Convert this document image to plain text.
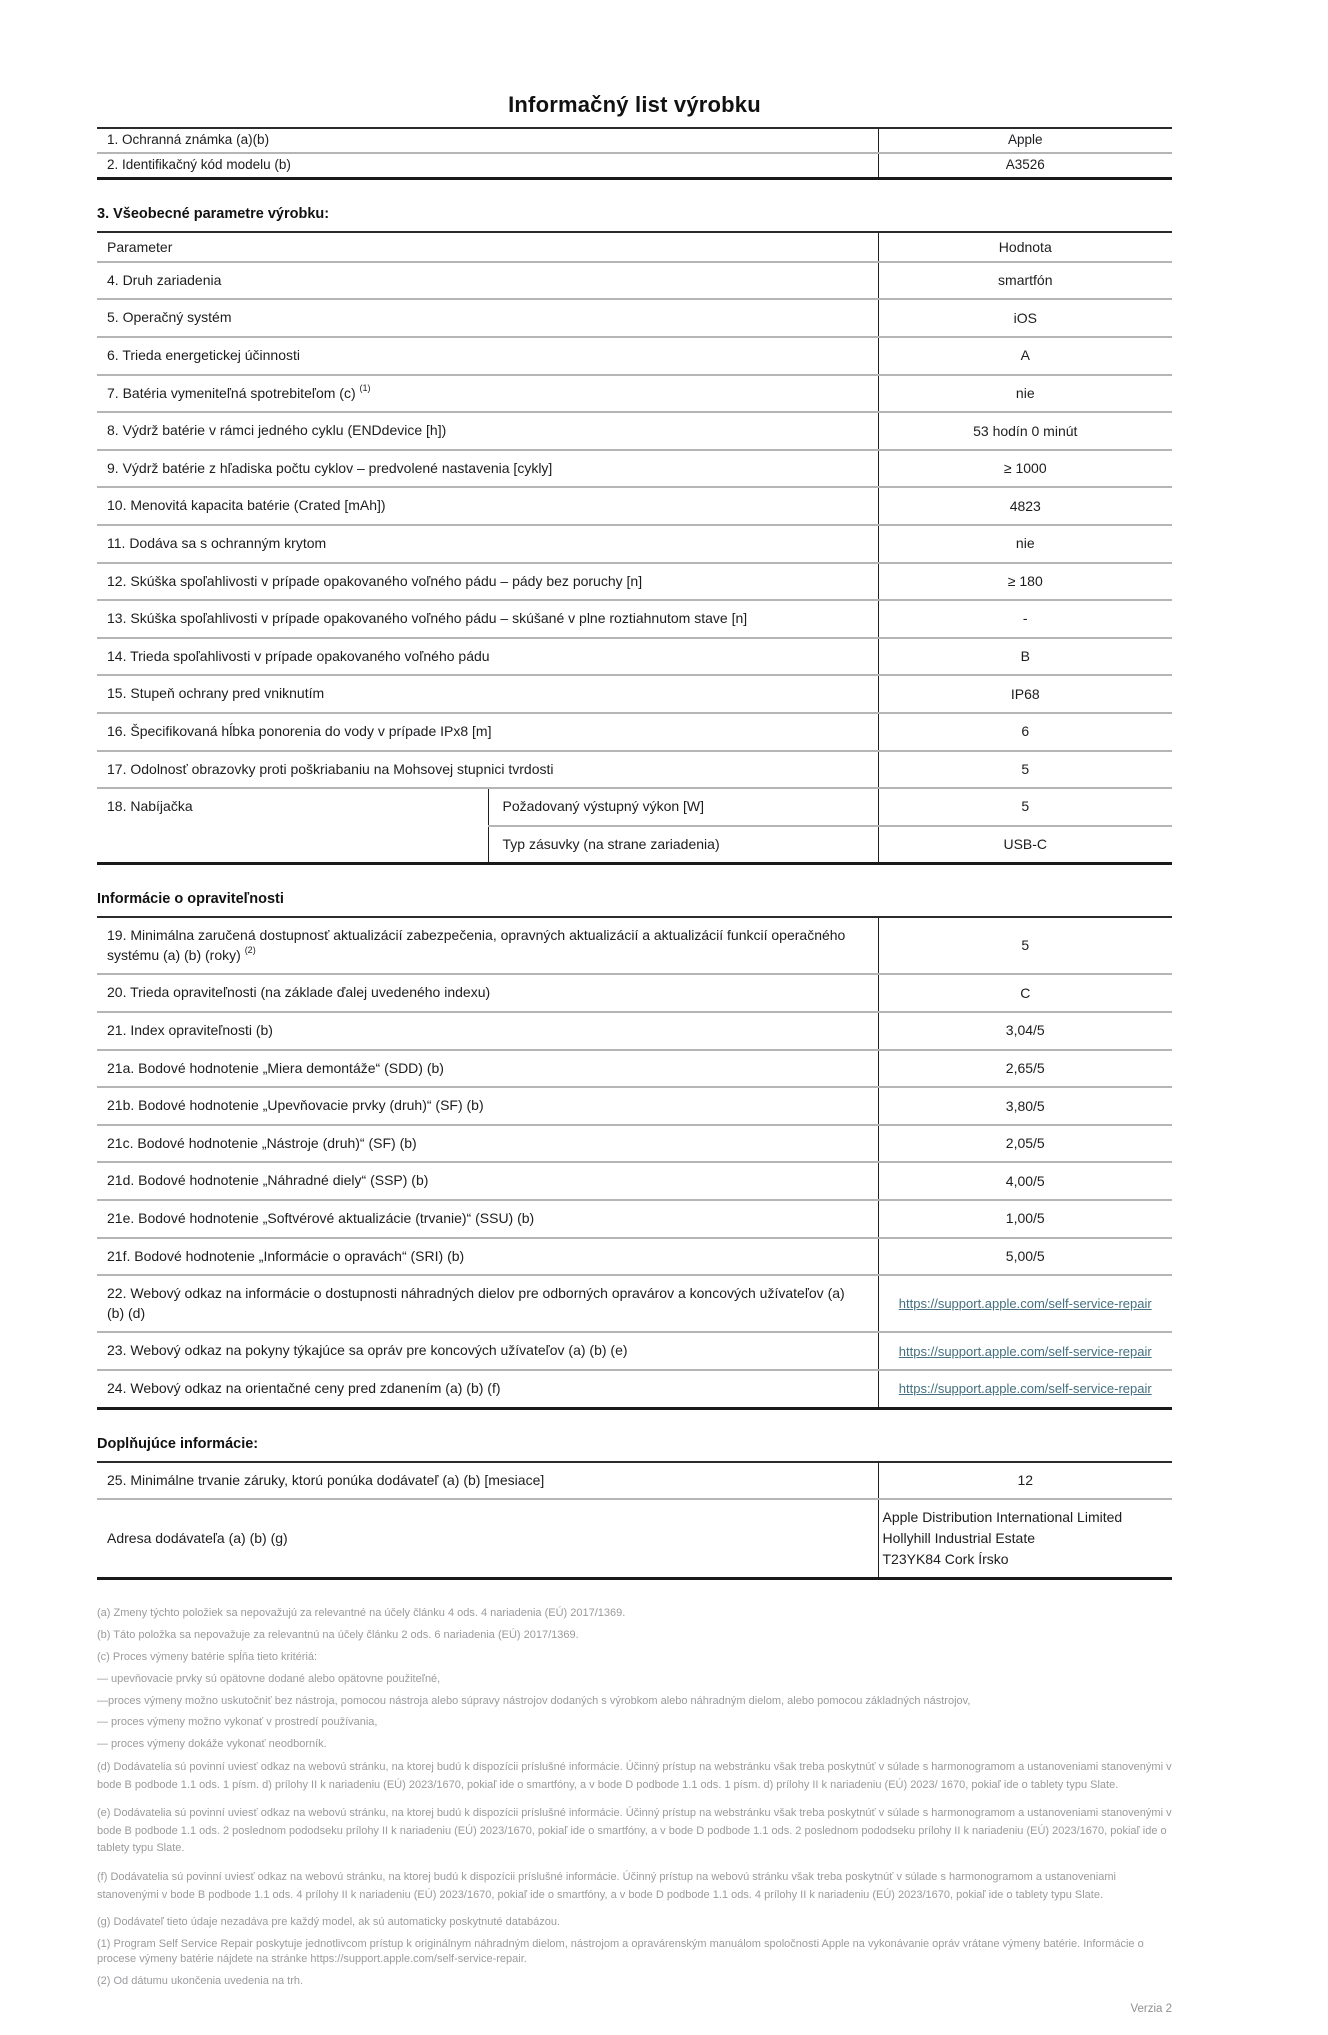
Informačný list výrobku
1. Ochranná známka (a)(b)	Apple
2. Identifikačný kód modelu (b)	A3526
3. Všeobecné parametre výrobku:
Parameter		Hodnota
4. Druh zariadenia		smartfón
5. Operačný systém		iOS
6. Trieda energetickej účinnosti		A
7. Batéria vymeniteľná spotrebiteľom (c) $^{(1)}$		nie
8. Výdrž batérie v rámci jedného cyklu (ENDdevice [h])		53 hodín 0 minút
9. Výdrž batérie z hľadiska počtu cyklov – predvolené nastavenia [cykly]		≥ 1000
10. Menovitá kapacita batérie (Crated [mAh])		4823
11. Dodáva sa s ochranným krytom		nie
12. Skúška spoľahlivosti v prípade opakovaného voľného pádu – pády bez poruchy [n]		≥ 180
13. Skúška spoľahlivosti v prípade opakovaného voľného pádu – skúšané v plne roztiahnutom stave [n]		-
14. Trieda spoľahlivosti v prípade opakovaného voľného pádu		B
15. Stupeň ochrany pred vniknutím		IP68
16. Špecifikovaná hĺbka ponorenia do vody v prípade IPx8 [m]		6
17. Odolnosť obrazovky proti poškriabaniu na Mohsovej stupnici tvrdosti		5
18. Nabíjačka	Požadovaný výstupný výkon [W]	5
	Typ zásuvky (na strane zariadenia)	USB-C
Informácie o opraviteľnosti
19. Minimálna zaručená dostupnosť aktualizácií zabezpečenia, opravných aktualizácií a aktualizácií funkcií operačného systému (a) (b) (roky) $^{(2)}$	5
20. Trieda opraviteľnosti (na základe ďalej uvedeného indexu)	C
21. Index opraviteľnosti (b)	3,04/5
21a. Bodové hodnotenie „Miera demontáže“ (SDD) (b)	2,65/5
21b. Bodové hodnotenie „Upevňovacie prvky (druh)“ (SF) (b)	3,80/5
21c. Bodové hodnotenie „Nástroje (druh)“ (SF) (b)	2,05/5
21d. Bodové hodnotenie „Náhradné diely“ (SSP) (b)	4,00/5
21e. Bodové hodnotenie „Softvérové aktualizácie (trvanie)“ (SSU) (b)	1,00/5
21f. Bodové hodnotenie „Informácie o opravách“ (SRI) (b)	5,00/5
22. Webový odkaz na informácie o dostupnosti náhradných dielov pre odborných opravárov a koncových užívateľov (a) (b) (d)	https://support.apple.com/self-service-repair
23. Webový odkaz na pokyny týkajúce sa opráv pre koncových užívateľov (a) (b) (e)	https://support.apple.com/self-service-repair
24. Webový odkaz na orientačné ceny pred zdanením (a) (b) (f)	https://support.apple.com/self-service-repair
Doplňujúce informácie:
25. Minimálne trvanie záruky, ktorú ponúka dodávateľ (a) (b) [mesiace]	12
Adresa dodávateľa (a) (b) (g)	Apple Distribution International Limited
Hollyhill Industrial Estate
T23YK84 Cork Írsko

(a) Zmeny týchto položiek sa nepovažujú za relevantné na účely článku 4 ods. 4 nariadenia (EÚ) 2017/1369.

(b) Táto položka sa nepovažuje za relevantnú na účely článku 2 ods. 6 nariadenia (EÚ) 2017/1369.

(c) Proces výmeny batérie spĺňa tieto kritériá:

— upevňovacie prvky sú opätovne dodané alebo opätovne použiteľné,

—proces výmeny možno uskutočniť bez nástroja, pomocou nástroja alebo súpravy nástrojov dodaných s výrobkom alebo náhradným dielom, alebo pomocou základných nástrojov,

— proces výmeny možno vykonať v prostredí používania,

— proces výmeny dokáže vykonať neodborník.

(d) Dodávatelia sú povinní uviesť odkaz na webovú stránku, na ktorej budú k dispozícii príslušné informácie. Účinný prístup na webstránku však treba poskytnúť v súlade s harmonogramom a ustanoveniami stanovenými v bode B podbode 1.1 ods. 1 písm. d) prílohy II k nariadeniu (EÚ) 2023/1670, pokiaľ ide o smartfóny, a v bode D podbode 1.1 ods. 1 písm. d) prílohy II k nariadeniu (EÚ) 2023/ 1670, pokiaľ ide o tablety typu Slate.

(e) Dodávatelia sú povinní uviesť odkaz na webovú stránku, na ktorej budú k dispozícii príslušné informácie. Účinný prístup na webstránku však treba poskytnúť v súlade s harmonogramom a ustanoveniami stanovenými v bode B podbode 1.1 ods. 2 poslednom pododseku prílohy II k nariadeniu (EÚ) 2023/1670, pokiaľ ide o smartfóny, a v bode D podbode 1.1 ods. 2 poslednom pododseku prílohy II k nariadeniu (EÚ) 2023/1670, pokiaľ ide o tablety typu Slate.

(f) Dodávatelia sú povinní uviesť odkaz na webovú stránku, na ktorej budú k dispozícii príslušné informácie. Účinný prístup na webovú stránku však treba poskytnúť v súlade s harmonogramom a ustanoveniami stanovenými v bode B podbode 1.1 ods. 4 prílohy II k nariadeniu (EÚ) 2023/1670, pokiaľ ide o smartfóny, a v bode D podbode 1.1 ods. 4 prílohy II k nariadeniu (EÚ) 2023/1670, pokiaľ ide o tablety typu Slate.

(g) Dodávateľ tieto údaje nezadáva pre každý model, ak sú automaticky poskytnuté databázou.

(1) Program Self Service Repair poskytuje jednotlivcom prístup k originálnym náhradným dielom, nástrojom a opravárenským manuálom spoločnosti Apple na vykonávanie opráv vrátane výmeny batérie. Informácie o procese výmeny batérie nájdete na stránke https://support.apple.com/self-service-repair.

(2) Od dátumu ukončenia uvedenia na trh.

Verzia 2
